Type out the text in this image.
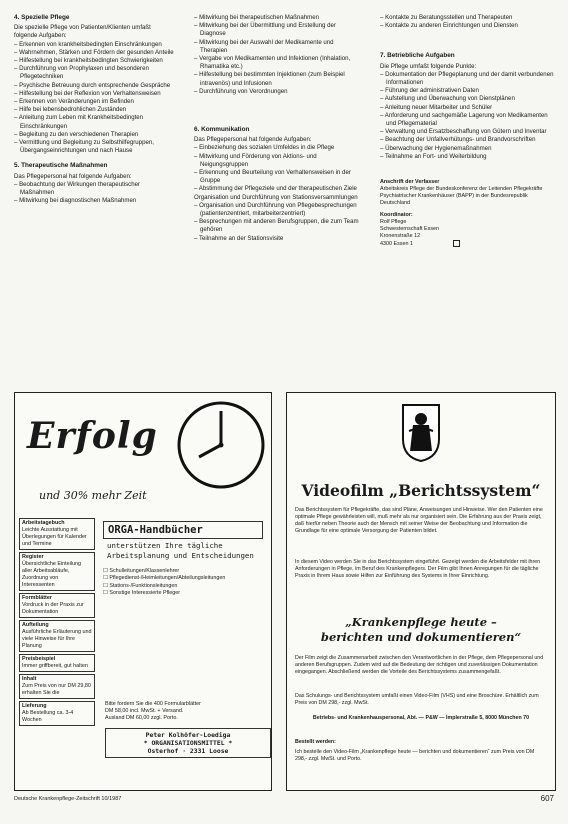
4. Spezielle Pflege

Die spezielle Pflege von Patienten/Klienten umfaßt folgende Aufgaben:

– Erkennen von krankheitsbedingten Einschränkungen
– Wahrnehmen, Stärken und Fördern der gesunden Anteile
– Hilfestellung bei krankheitsbedingten Schwierigkeiten
– Durchführung von Prophylaxen und besonderen Pflegetechniken
– Psychische Betreuung durch entsprechende Gespräche
– Hilfestellung bei der Reflexion von Verhaltensweisen
– Erkennen von Veränderungen im Befinden
– Hilfe bei lebensbedrohlichen Zuständen
– Anleitung zum Leben mit Krankheitsbedingten Einschränkungen
– Begleitung zu den verschiedenen Therapien
– Vermittlung und Begleitung zu Selbsthilfegruppen, Übergangseinrichtungen und nach Hause
5. Therapeutische Maßnahmen

Das Pflegepersonal hat folgende Aufgaben:

– Beobachtung der Wirkungen therapeutischer Maßnahmen
– Mitwirkung bei diagnostischen Maßnahmen
– Mitwirkung bei therapeutischen Maßnahmen
– Mitwirkung bei der Übermittlung und Erstellung der Diagnose
– Mitwirkung bei der Auswahl der Medikamente und Therapien
– Vergabe von Medikamenten und Infektionen (Inhalation, Rhamatika etc.)
– Hilfestellung bei bestimmten Injektionen (zum Beispiel intravenös) und Infusionen
– Durchführung von Verordnungen
6. Kommunikation

Das Pflegepersonal hat folgende Aufgaben:

– Einbeziehung des sozialen Umfeldes in die Pflege
– Mitwirkung und Förderung von Aktions- und Neigungsgruppen
– Erkennung und Beurteilung von Verhaltensweisen in der Gruppe
– Abstimmung der Pflegeziele und der therapeutischen Ziele

Organisation und Durchführung von Stationsversammlungen

– Organisation und Durchführung von Pflegebesprechungen (patientenzentriert, mitarbeiterzentriert)
– Besprechungen mit anderen Berufsgruppen, die zum Team gehören
– Teilnahme an der Stationsvisite
– Kontakte zu Beratungsstellen und Therapeuten
– Kontakte zu anderen Einrichtungen und Diensten
7. Betriebliche Aufgaben

Die Pflege umfaßt folgende Punkte:

– Dokumentation der Pflegeplanung und der damit verbundenen Informationen
– Führung der administrativen Daten
– Aufstellung und Überwachung von Dienstplänen
– Anleitung neuer Mitarbeiter und Schüler
– Anforderung und sachgemäße Lagerung von Medikamenten und Pflegematerial
– Verwaltung und Ersatzbeschaffung von Gütern und Inventar
– Beachtung der Unfallverhütungs- und Brandvorschriften
– Überwachung der Hygienemaßnahmen
– Teilnahme an Fort- und Weiterbildung

Anschrift der Verfasser

Arbeitskreis Pflege der Bundeskonferenz der Leitenden Pflegekräfte Psychiatrischer Krankenhäuser (BAPP) in der Bundesrepublik Deutschland

Koordinator:

Rolf Pflege

Schwesternschaft Essen

Kronenstraße 12

4300 Essen 1

Erfolg
und 30% mehr Zeit
Arbeitstagebuch
Leichte Ausstattung mit Überlegungen für Kalender und Termine
Register
Übersichtliche Einteilung aller Arbeitsabläufe, Zuordnung von Interessenten
Formblätter
Vordruck in der Praxis zur Dokumentation
Aufteilung
Ausführliche Erläuterung und viele Hinweise für Ihre Planung
Preisbeispiel
Immer griffbereit, gut halten
Inhalt
Zum Preis von nur DM 29,80 erhalten Sie die
Lieferung
Ab Bestellung ca. 3-4 Wochen
ORGA-Handbücher
unterstützen Ihre tägliche Arbeitsplanung und Entscheidungen
☐ Schulleitungen/Klassenlehrer
☐ Pflegedienst-/Heimleitungen/Abteilungsleitungen
☐ Stations-/Funktionsleitungen
☐ Sonstige Interessierte Pfleger
Bitte fordern Sie die 400 Formularblätter
DM 58,00 incl. MwSt. + Versand.
Ausland DM 60,00 zzgl. Porto.
Peter Kolhöfer-Loediga
* ORGANISATIONSMITTEL *
Osterhof · 2331 Loose
Videofilm „Berichtssystem“
Das Berichtssystem für Pflegekräfte, das sind Pläne, Anweisungen und Hinweise. Wer den Patienten eine optimale Pflege gewährleisten will, muß mehr als nur organisiert sein. Die Erfahrung aus der Praxis zeigt, daß hierfür neben Theorie auch der Mensch mit seiner Weise der Beobachtung und Information die Grundlage für eine optimale Versorgung der Patienten bildet.
In diesem Video werden Sie in das Berichtssystem eingeführt. Gezeigt werden die Arbeitsfelder mit ihren Anforderungen in Pflege, im Beruf des Krankenpflegers. Der Film gibt Ihnen Anregungen für die tägliche Praxis in Ihrem Haus sowie Hilfen zur Einführung des Systems in Ihrer Einrichtung.
„Krankenpflege heute –
berichten und dokumentieren“
Der Film zeigt die Zusammenarbeit zwischen den Verantwortlichen in der Pflege, dem Pflegepersonal und anderen Berufsgruppen. Zudem wird auf die Bedeutung der richtigen und zuverlässigen Dokumentation eingegangen. Abschließend werden die Vorteile des Berichtssystems zusammengefaßt.
Das Schulungs- und Berichtssystem umfaßt einen Video-Film (VHS) und eine Broschüre. Erhältlich zum Preis von DM 298,- zzgl. MwSt.
Betriebs- und Krankenhauspersonal, Abt. — P&W — Implerstraße 5, 8000 München 70
Bestellt werden:
Ich bestelle den Video-Film „Krankenpflege heute — berichten und dokumentieren“ zum Preis von DM 298,- zzgl. MwSt. und Porto.
Deutsche Krankenpflege-Zeitschrift 10/1987	607
